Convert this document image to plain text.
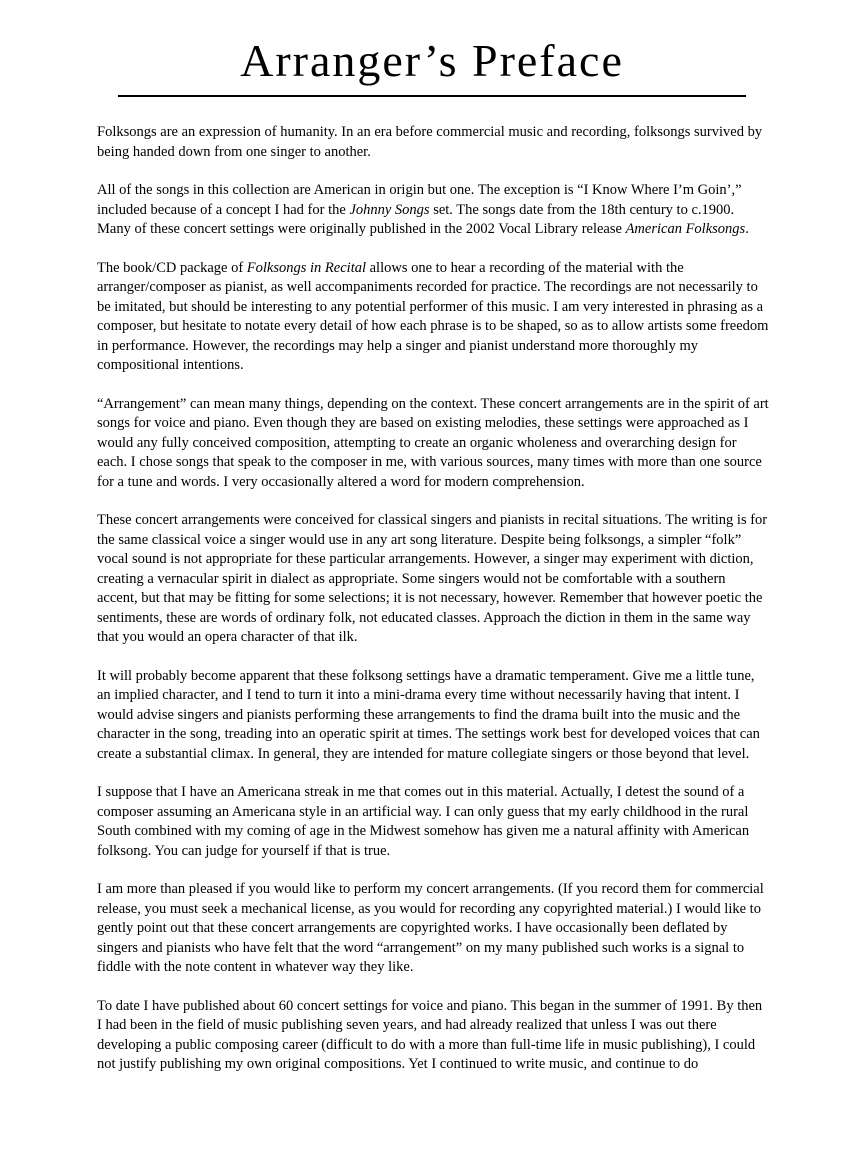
Arranger’s Preface

Folksongs are an expression of humanity. In an era before commercial music and recording, folksongs survived by being handed down from one singer to another.

All of the songs in this collection are American in origin but one. The exception is “I Know Where I’m Goin’,” included because of a concept I had for the Johnny Songs set. The songs date from the 18th century to c.1900. Many of these concert settings were originally published in the 2002 Vocal Library release American Folksongs.

The book/CD package of Folksongs in Recital allows one to hear a recording of the material with the arranger/composer as pianist, as well accompaniments recorded for practice. The recordings are not necessarily to be imitated, but should be interesting to any potential performer of this music. I am very interested in phrasing as a composer, but hesitate to notate every detail of how each phrase is to be shaped, so as to allow artists some freedom in performance. However, the recordings may help a singer and pianist understand more thoroughly my compositional intentions.

“Arrangement” can mean many things, depending on the context. These concert arrangements are in the spirit of art songs for voice and piano. Even though they are based on existing melodies, these settings were approached as I would any fully conceived composition, attempting to create an organic wholeness and overarching design for each. I chose songs that speak to the composer in me, with various sources, many times with more than one source for a tune and words. I very occasionally altered a word for modern comprehension.

These concert arrangements were conceived for classical singers and pianists in recital situations. The writing is for the same classical voice a singer would use in any art song literature. Despite being folksongs, a simpler “folk” vocal sound is not appropriate for these particular arrangements. However, a singer may experiment with diction, creating a vernacular spirit in dialect as appropriate. Some singers would not be comfortable with a southern accent, but that may be fitting for some selections; it is not necessary, however. Remember that however poetic the sentiments, these are words of ordinary folk, not educated classes. Approach the diction in them in the same way that you would an opera character of that ilk.

It will probably become apparent that these folksong settings have a dramatic temperament. Give me a little tune, an implied character, and I tend to turn it into a mini-drama every time without necessarily having that intent. I would advise singers and pianists performing these arrangements to find the drama built into the music and the character in the song, treading into an operatic spirit at times. The settings work best for developed voices that can create a substantial climax. In general, they are intended for mature collegiate singers or those beyond that level.

I suppose that I have an Americana streak in me that comes out in this material. Actually, I detest the sound of a composer assuming an Americana style in an artificial way. I can only guess that my early childhood in the rural South combined with my coming of age in the Midwest somehow has given me a natural affinity with American folksong. You can judge for yourself if that is true.

I am more than pleased if you would like to perform my concert arrangements. (If you record them for commercial release, you must seek a mechanical license, as you would for recording any copyrighted material.) I would like to gently point out that these concert arrangements are copyrighted works. I have occasionally been deflated by singers and pianists who have felt that the word “arrangement” on my many published such works is a signal to fiddle with the note content in whatever way they like.

To date I have published about 60 concert settings for voice and piano. This began in the summer of 1991. By then I had been in the field of music publishing seven years, and had already realized that unless I was out there developing a public composing career (difficult to do with a more than full-time life in music publishing), I could not justify publishing my own original compositions. Yet I continued to write music, and continue to do
